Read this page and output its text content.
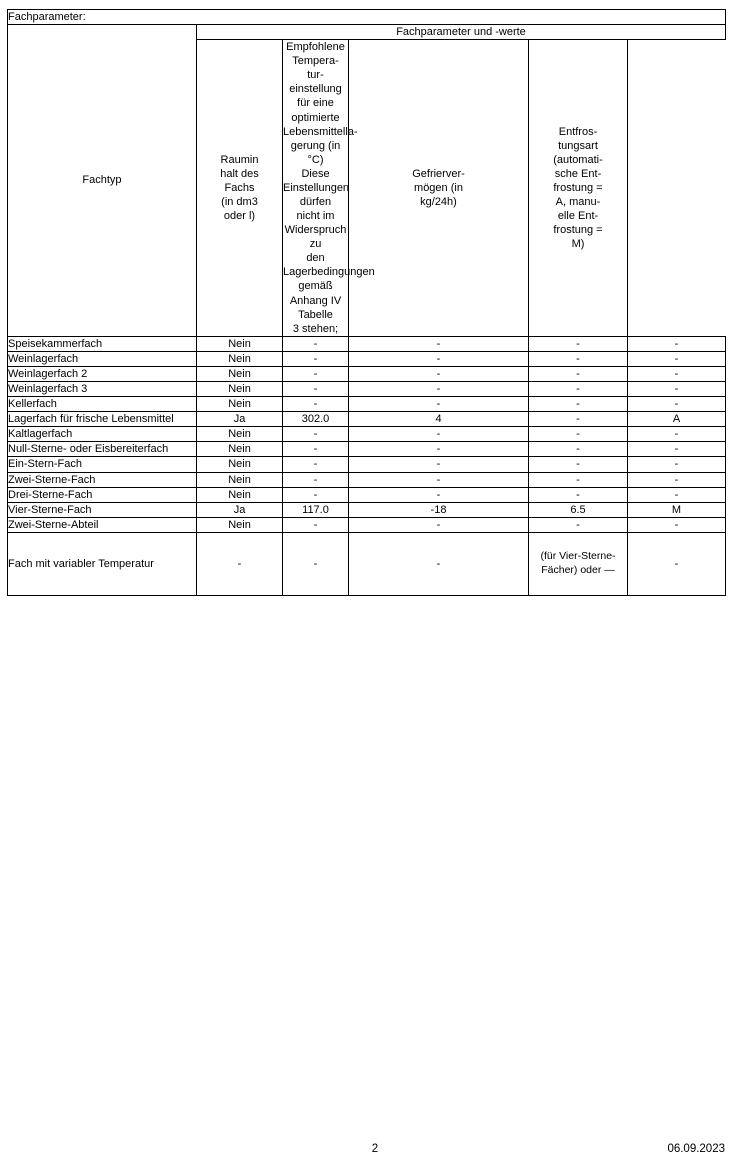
Fachparameter:					
Fachtyp	Fachparameter und -werte				
Raumin
halt des
Fachs
(in dm3
oder l)	Empfohlene Tempera-
tur-einstellung für eine
optimierte Lebensmittella-
gerung (in °C)
Diese Einstellungen dürfen
nicht im Widerspruch zu
den Lagerbedingungen
gemäß Anhang IV Tabelle
3 stehen;	Gefrierver-
mögen (in
kg/24h)	Entfros-
tungsart
(automati-
sche Ent-
frostung =
A, manu-
elle Ent-
frostung =
M)
Speisekammerfach	Nein	-	-	-	-
Weinlagerfach	Nein	-	-	-	-
Weinlagerfach 2	Nein	-	-	-	-
Weinlagerfach 3	Nein	-	-	-	-
Kellerfach	Nein	-	-	-	-
Lagerfach für frische Lebensmittel	Ja	302.0	4	-	A
Kaltlagerfach	Nein	-	-	-	-
Null-Sterne- oder Eisbereiterfach	Nein	-	-	-	-
Ein-Stern-Fach	Nein	-	-	-	-
Zwei-Sterne-Fach	Nein	-	-	-	-
Drei-Sterne-Fach	Nein	-	-	-	-
Vier-Sterne-Fach	Ja	117.0	-18	6.5	M
Zwei-Sterne-Abteil	Nein	-	-	-	-
Fach mit variabler Temperatur	-	-	-	(für Vier-Sterne-Fächer) oder —	-
2	06.09.2023
